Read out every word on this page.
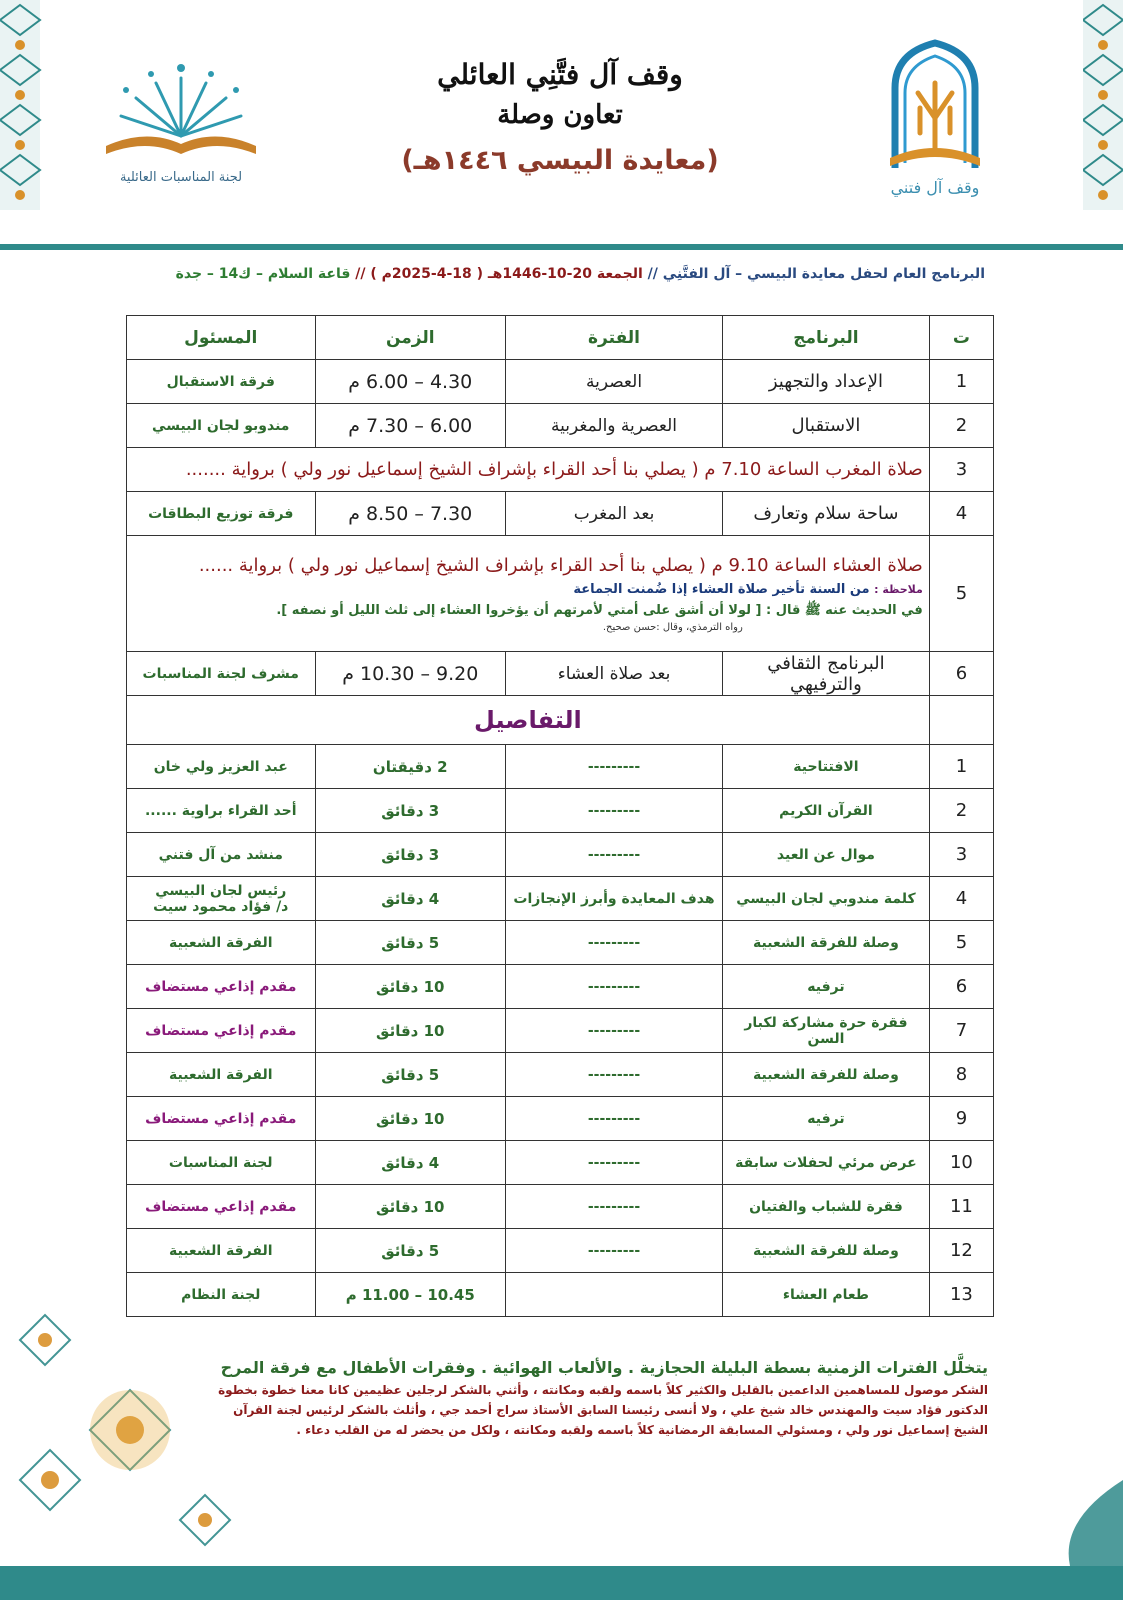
لجنة المناسبات العائلية
وقف آل فتَّنِي العائلي
تعاون وصلة
(معايدة البيسي ١٤٤٦هـ)
وقف آل فتني
البرنامج العام لحفل معايدة البيسي – آل الفتَّنِي // الجمعة 20-10-1446هـ ( 18-4-2025م ) // قاعة السلام – ك14 – جدة
ت	البرنامج	الفترة	الزمن	المسئول
1	الإعداد والتجهيز	العصرية	4.30 – 6.00 م	فرقة الاستقبال
2	الاستقبال	العصرية والمغربية	6.00 – 7.30 م	مندوبو لجان البيسي
3	صلاة المغرب الساعة 7.10 م ( يصلي بنا أحد القراء بإشراف الشيخ إسماعيل نور ولي ) برواية .......			
4	ساحة سلام وتعارف	بعد المغرب	7.30 – 8.50 م	فرقة توزيع البطاقات
5	صلاة العشاء الساعة 9.10 م ( يصلي بنا أحد القراء بإشراف الشيخ إسماعيل نور ولي ) برواية ......
ملاحظة : من السنة تأخير صلاة العشاء إذا ضُمنت الجماعة
في الحديث عنه ﷺ قال : [ لولا أن أشق على أمتي لأمرتهم أن يؤخروا العشاء إلى ثلث الليل أو نصفه ].
رواه الترمذي، وقال :حسن صحيح.			

6	البرنامج الثقافي والترفيهي	بعد صلاة العشاء	9.20 – 10.30 م	مشرف لجنة المناسبات
	التفاصيل			
1	الافتتاحية	---------	2 دقيقتان	عبد العزيز ولي خان
2	القرآن الكريم	---------	3 دقائق	أحد القراء براوية ......
3	موال عن العيد	---------	3 دقائق	منشد من آل فتني
4	كلمة مندوبي لجان البيسي	هدف المعايدة وأبرز الإنجازات	4 دقائق	رئيس لجان البيسي
د/ فؤاد محمود سيت

5	وصلة للفرقة الشعبية	---------	5 دقائق	الفرقة الشعبية
6	ترفيه	---------	10 دقائق	مقدم إذاعي مستضاف
7	فقرة حرة مشاركة لكبار السن	---------	10 دقائق	مقدم إذاعي مستضاف
8	وصلة للفرقة الشعبية	---------	5 دقائق	الفرقة الشعبية
9	ترفيه	---------	10 دقائق	مقدم إذاعي مستضاف
10	عرض مرئي لحفلات سابقة	---------	4 دقائق	لجنة المناسبات
11	فقرة للشباب والفتيان	---------	10 دقائق	مقدم إذاعي مستضاف
12	وصلة للفرقة الشعبية	---------	5 دقائق	الفرقة الشعبية
13	طعام العشاء		10.45 – 11.00 م	لجنة النظام
يتخلَّل الفترات الزمنية بسطة البليلة الحجازية . والألعاب الهوائية . وفقرات الأطفال مع فرقة المرح
الشكر موصول للمساهمين الداعمين بالقليل والكثير كلاً باسمه ولقبه ومكانته ، وأثني بالشكر لرجلين عظيمين كانا معنا خطوة بخطوة
الدكتور فؤاد سيت والمهندس خالد شيخ علي ، ولا أنسى رئيسنا السابق الأستاذ سراج أحمد جي ، وأثلث بالشكر لرئيس لجنة القرآن
الشيخ إسماعيل نور ولي ، ومسئولي المسابقة الرمضانية كلاً باسمه ولقبه ومكانته ، ولكل من يحضر له من القلب دعاء .
